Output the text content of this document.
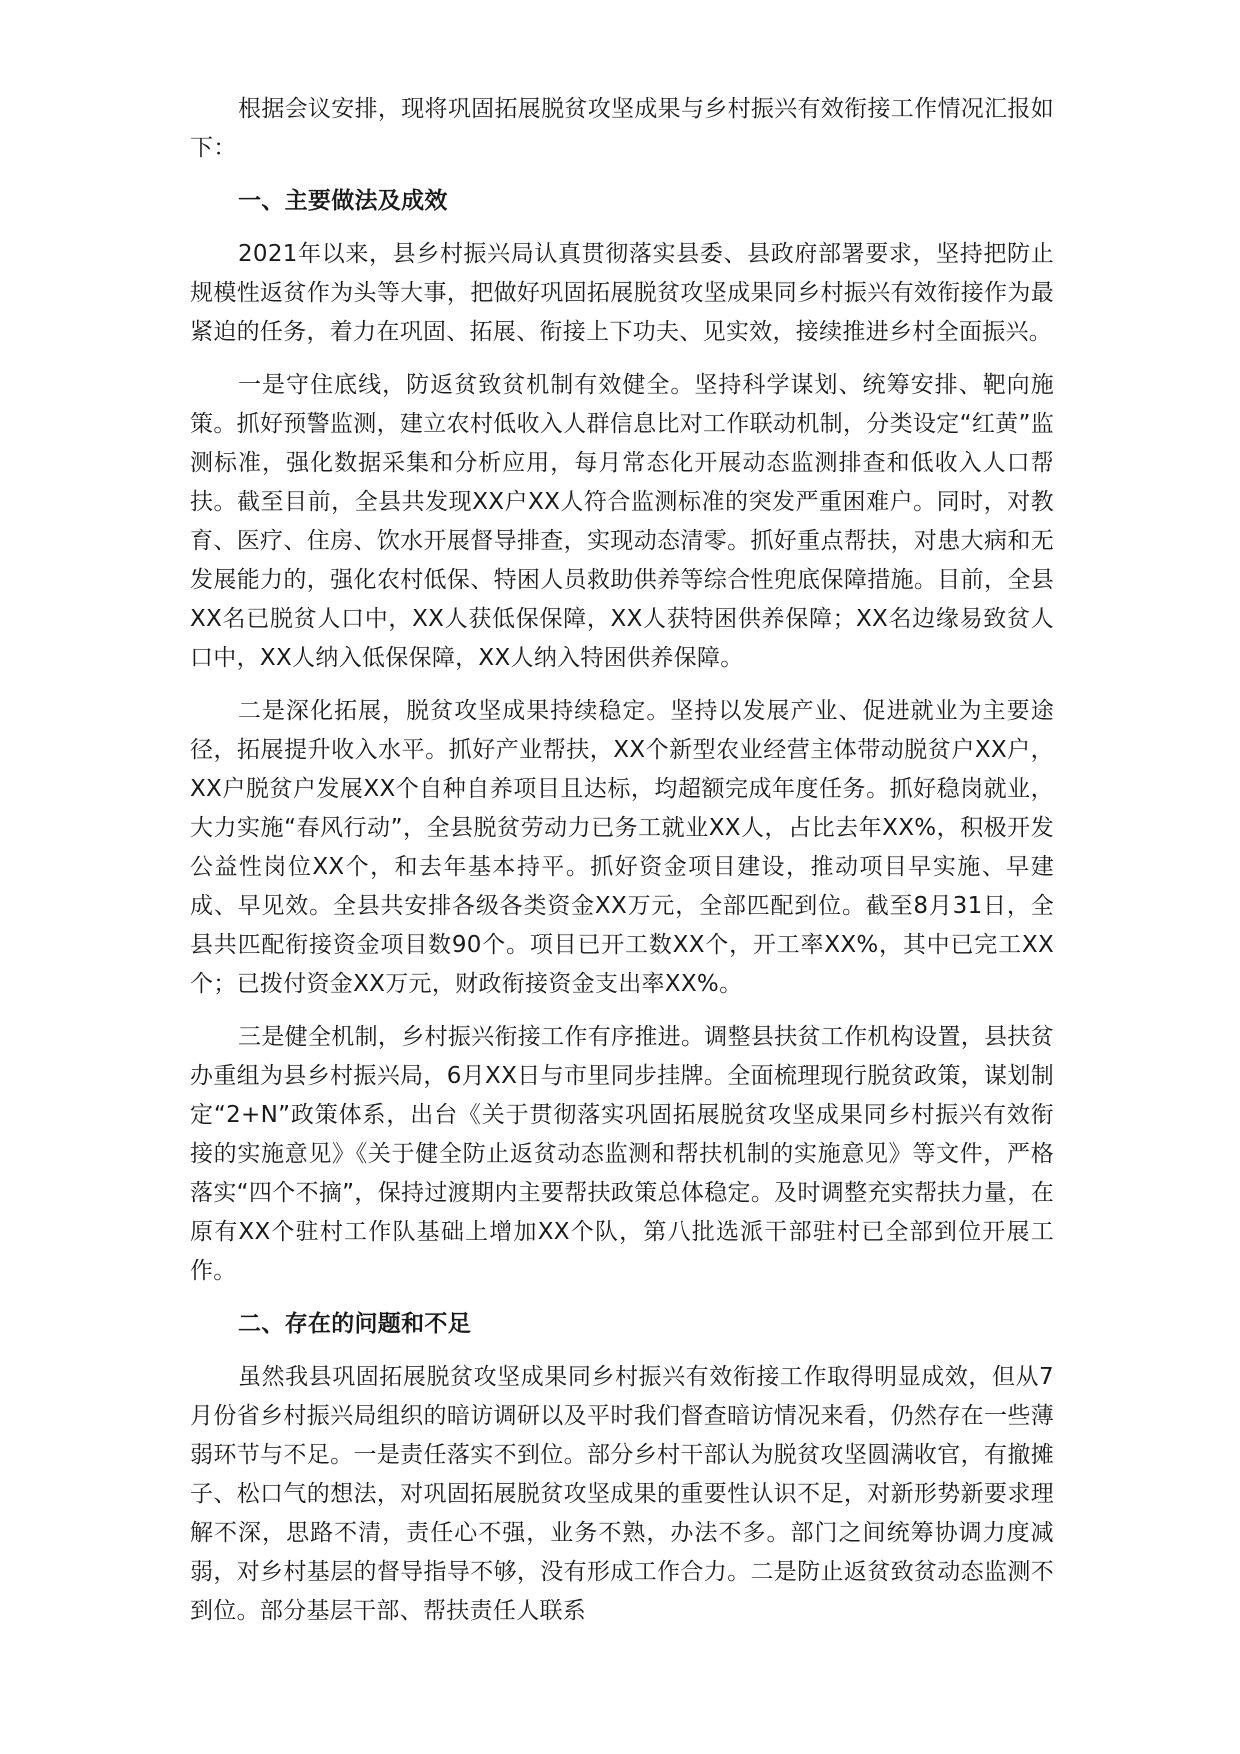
根据会议安排，现将巩固拓展脱贫攻坚成果与乡村振兴有效衔接工作情况汇报如下：

一、主要做法及成效

2021年以来，县乡村振兴局认真贯彻落实县委、县政府部署要求，坚持把防止规模性返贫作为头等大事，把做好巩固拓展脱贫攻坚成果同乡村振兴有效衔接作为最紧迫的任务，着力在巩固、拓展、衔接上下功夫、见实效，接续推进乡村全面振兴。

一是守住底线，防返贫致贫机制有效健全。坚持科学谋划、统筹安排、靶向施策。抓好预警监测，建立农村低收入人群信息比对工作联动机制，分类设定“红黄”监测标准，强化数据采集和分析应用，每月常态化开展动态监测排查和低收入人口帮扶。截至目前，全县共发现XX户XX人符合监测标准的突发严重困难户。同时，对教育、医疗、住房、饮水开展督导排查，实现动态清零。抓好重点帮扶，对患大病和无发展能力的，强化农村低保、特困人员救助供养等综合性兜底保障措施。目前，全县XX名已脱贫人口中，XX人获低保保障，XX人获特困供养保障；XX名边缘易致贫人口中，XX人纳入低保保障，XX人纳入特困供养保障。

二是深化拓展，脱贫攻坚成果持续稳定。坚持以发展产业、促进就业为主要途径，拓展提升收入水平。抓好产业帮扶，XX个新型农业经营主体带动脱贫户XX户，XX户脱贫户发展XX个自种自养项目且达标，均超额完成年度任务。抓好稳岗就业，大力实施“春风行动”，全县脱贫劳动力已务工就业XX人，占比去年XX%，积极开发公益性岗位XX个，和去年基本持平。抓好资金项目建设，推动项目早实施、早建成、早见效。全县共安排各级各类资金XX万元，全部匹配到位。截至8月31日，全县共匹配衔接资金项目数90个。项目已开工数XX个，开工率XX%，其中已完工XX个；已拨付资金XX万元，财政衔接资金支出率XX%。

三是健全机制，乡村振兴衔接工作有序推进。调整县扶贫工作机构设置，县扶贫办重组为县乡村振兴局，6月XX日与市里同步挂牌。全面梳理现行脱贫政策，谋划制定“2+N”政策体系，出台《关于贯彻落实巩固拓展脱贫攻坚成果同乡村振兴有效衔接的实施意见》《关于健全防止返贫动态监测和帮扶机制的实施意见》等文件，严格落实“四个不摘”，保持过渡期内主要帮扶政策总体稳定。及时调整充实帮扶力量，在原有XX个驻村工作队基础上增加XX个队，第八批选派干部驻村已全部到位开展工作。

二、存在的问题和不足

虽然我县巩固拓展脱贫攻坚成果同乡村振兴有效衔接工作取得明显成效，但从7月份省乡村振兴局组织的暗访调研以及平时我们督查暗访情况来看，仍然存在一些薄弱环节与不足。一是责任落实不到位。部分乡村干部认为脱贫攻坚圆满收官，有撤摊子、松口气的想法，对巩固拓展脱贫攻坚成果的重要性认识不足，对新形势新要求理解不深，思路不清，责任心不强，业务不熟，办法不多。部门之间统筹协调力度减弱，对乡村基层的督导指导不够，没有形成工作合力。二是防止返贫致贫动态监测不到位。部分基层干部、帮扶责任人联系
